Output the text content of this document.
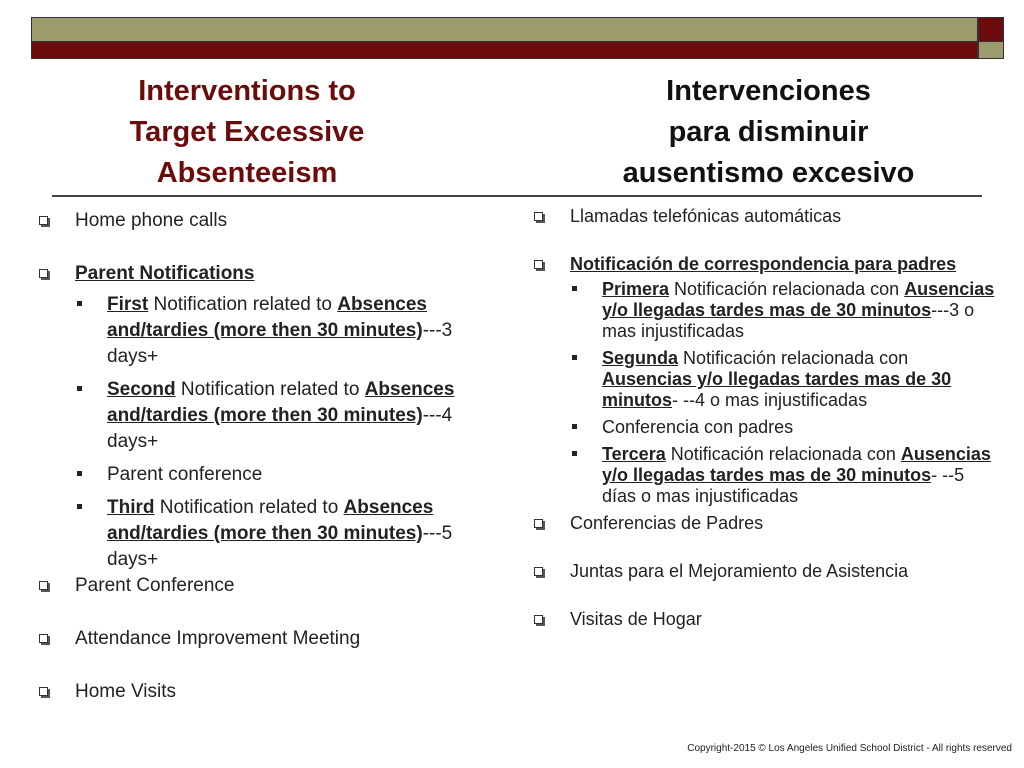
Interventions to
Target Excessive
Absenteeism
Intervenciones
para disminuir
ausentismo excesivo
Home phone calls
Parent Notifications
First Notification related to Absences and/tardies (more then 30 minutes)---3 days+
Second Notification related to Absences and/tardies (more then 30 minutes)---4 days+
Parent conference
Third Notification related to Absences and/tardies (more then 30 minutes)---5 days+
Parent Conference
Attendance Improvement Meeting
Home Visits
Llamadas telefónicas automáticas
Notificación de correspondencia para padres
Primera Notificación relacionada con Ausencias y/o llegadas tardes mas de 30 minutos---3 o mas injustificadas
Segunda Notificación relacionada con Ausencias y/o llegadas tardes mas de 30 minutos- --4 o mas injustificadas
Conferencia con padres
Tercera Notificación relacionada con Ausencias y/o llegadas tardes mas de 30 minutos- --5 días o mas injustificadas
Conferencias de Padres
Juntas para el Mejoramiento de Asistencia
Visitas de Hogar
Copyright-2015 © Los Angeles Unified School District - All rights reserved
